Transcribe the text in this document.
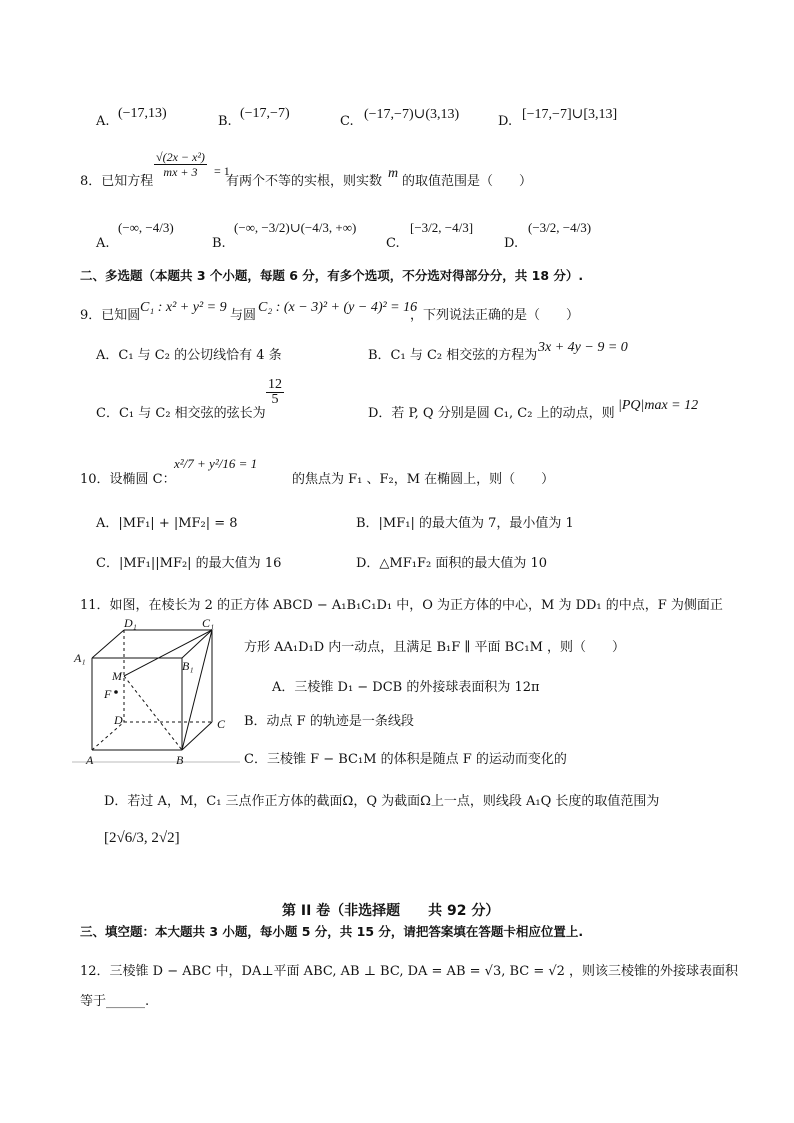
A.
(−17,13)
B.
(−17,−7)
C. (−17,−7)∪(3,13)	D. [−17,−7]∪[3,13]
8．已知方程
$\frac{\text{√(2x − x²)}}{mx + 3} = 1$
有两个不等的实根，则实数
m
的取值范围是（　　）
A.
(−∞, −4/3)
B.
(−∞, −3/2)∪(−4/3, +∞)
C.
[−3/2, −4/3]
D.
(−3/2, −4/3)
二、多选题（本题共 3 个小题，每题 6 分，有多个选项，不分选对得部分分，共 18 分）.
9．已知圆
C₁ : x² + y² = 9
与圆
C₂ : (x − 3)² + (y − 4)² = 16
，下列说法正确的是（　　）
A．C₁ 与 C₂ 的公切线恰有 4 条	B．C₁ 与 C₂ 相交弦的方程为
3x + 4y − 9 = 0
C．C₁ 与 C₂ 相交弦的弦长为
$\frac{12}{5}$
D．若 P, Q 分别是圆 C₁, C₂ 上的动点，则
|PQ|max = 12
10．设椭圆 C：
x²/7 + y²/16 = 1
的焦点为 F₁ 、F₂，M 在椭圆上，则（　　）
A．|MF₁| + |MF₂| = 8	B．|MF₁| 的最大值为 7，最小值为 1
C．|MF₁||MF₂| 的最大值为 16	D．△MF₁F₂ 面积的最大值为 10
11．如图，在棱长为 2 的正方体 ABCD − A₁B₁C₁D₁ 中，O 为正方体的中心，M 为 DD₁ 的中点，F 为侧面正
方形 AA₁D₁D 内一动点，且满足 B₁F ∥ 平面 BC₁M ，则（　　）
D₁	C₁
A₁
B₁
M
F
D	C
A	B
A．三棱锥 D₁ − DCB 的外接球表面积为 12π
B．动点 F 的轨迹是一条线段
C．三棱锥 F − BC₁M 的体积是随点 F 的运动而变化的
D．若过 A，M，C₁ 三点作正方体的截面Ω，Q 为截面Ω上一点，则线段 A₁Q 长度的取值范围为
[2√6/3, 2√2]
第 II 卷（非选择题　　共 92 分）
三、填空题：本大题共 3 小题，每小题 5 分，共 15 分，请把答案填在答题卡相应位置上.
12．三棱锥 D − ABC 中，DA⊥平面 ABC, AB ⊥ BC, DA = AB = √3, BC = √2 ，则该三棱锥的外接球表面积
等于______.
